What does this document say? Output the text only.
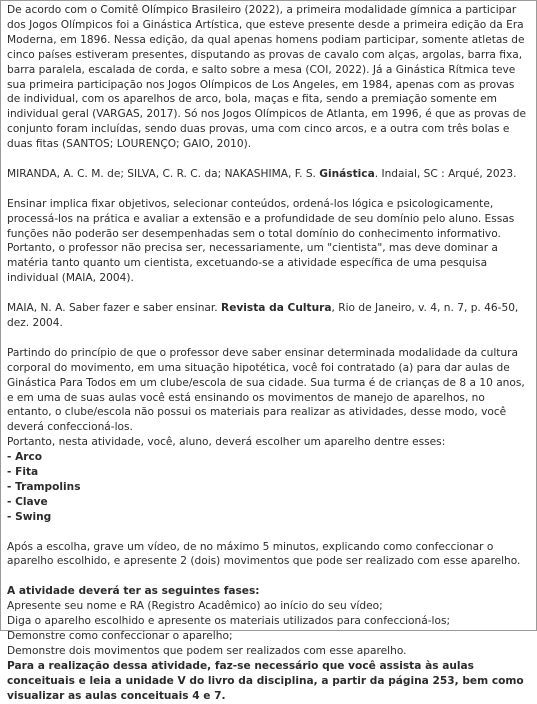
De acordo com o Comitê Olímpico Brasileiro (2022), a primeira modalidade gímnica a participar dos Jogos Olímpicos foi a Ginástica Artística, que esteve presente desde a primeira edição da Era Moderna, em 1896. Nessa edição, da qual apenas homens podiam participar, somente atletas de cinco países estiveram presentes, disputando as provas de cavalo com alças, argolas, barra fixa, barra paralela, escalada de corda, e salto sobre a mesa (COI, 2022). Já a Ginástica Rítmica teve sua primeira participação nos Jogos Olímpicos de Los Angeles, em 1984, apenas com as provas de individual, com os aparelhos de arco, bola, maças e fita, sendo a premiação somente em individual geral (VARGAS, 2017). Só nos Jogos Olímpicos de Atlanta, em 1996, é que as provas de conjunto foram incluídas, sendo duas provas, uma com cinco arcos, e a outra com três bolas e duas fitas (SANTOS; LOURENÇO; GAIO, 2010).

MIRANDA, A. C. M. de; SILVA, C. R. C. da; NAKASHIMA, F. S. Ginástica. Indaial, SC : Arqué, 2023.

Ensinar implica fixar objetivos, selecionar conteúdos, ordená-los lógica e psicologicamente, processá-los na prática e avaliar a extensão e a profundidade de seu domínio pelo aluno. Essas funções não poderão ser desempenhadas sem o total domínio do conhecimento informativo. Portanto, o professor não precisa ser, necessariamente, um "cientista", mas deve dominar a matéria tanto quanto um cientista, excetuando-se a atividade específica de uma pesquisa individual (MAIA, 2004).

MAIA, N. A. Saber fazer e saber ensinar. Revista da Cultura, Rio de Janeiro, v. 4, n. 7, p. 46-50, dez. 2004.

Partindo do princípio de que o professor deve saber ensinar determinada modalidade da cultura corporal do movimento, em uma situação hipotética, você foi contratado (a) para dar aulas de Ginástica Para Todos em um clube/escola de sua cidade. Sua turma é de crianças de 8 a 10 anos, e em uma de suas aulas você está ensinando os movimentos de manejo de aparelhos, no entanto, o clube/escola não possui os materiais para realizar as atividades, desse modo, você deverá confeccioná-los.

Portanto, nesta atividade, você, aluno, deverá escolher um aparelho dentre esses:

- Arco
- Fita
- Trampolins
- Clave
- Swing

Após a escolha, grave um vídeo, de no máximo 5 minutos, explicando como confeccionar o aparelho escolhido, e apresente 2 (dois) movimentos que pode ser realizado com esse aparelho.

A atividade deverá ter as seguintes fases:

Apresente seu nome e RA (Registro Acadêmico) ao início do seu vídeo;
Diga o aparelho escolhido e apresente os materiais utilizados para confeccioná-los;
Demonstre como confeccionar o aparelho;
Demonstre dois movimentos que podem ser realizados com esse aparelho.

Para a realização dessa atividade, faz-se necessário que você assista às aulas conceituais e leia a unidade V do livro da disciplina, a partir da página 253, bem como visualizar as aulas conceituais 4 e 7.
